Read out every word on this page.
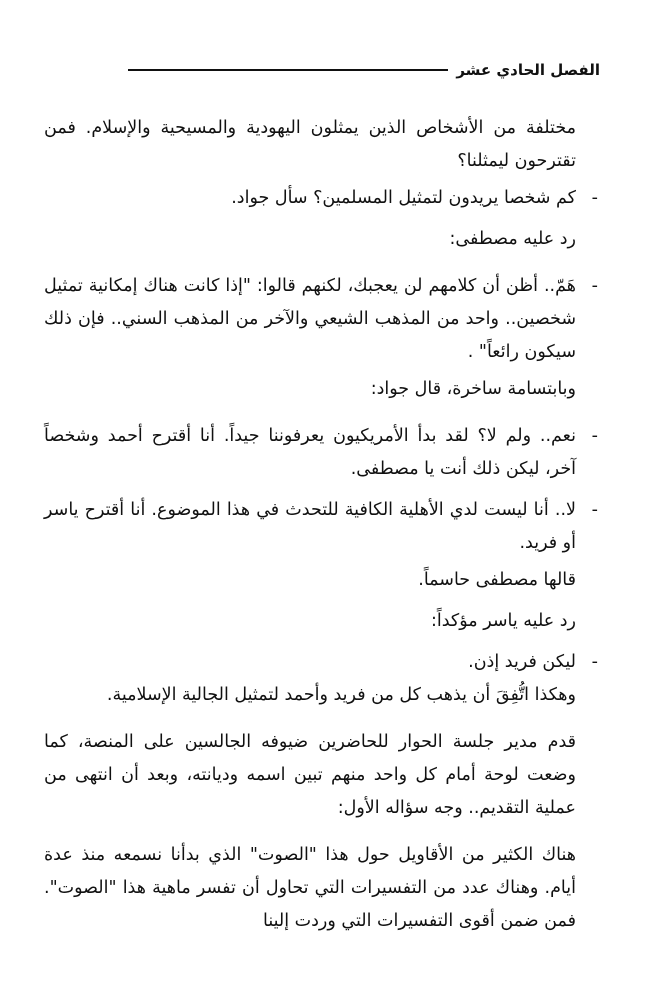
الفصل الحادي عشر

مختلفة من الأشخاص الذين يمثلون اليهودية والمسيحية والإسلام. فمن تقترحون ليمثلنا؟

-
كم شخصا يريدون لتمثيل المسلمين؟ سأل جواد.

رد عليه مصطفى:

-
هَمّ.. أظن أن كلامهم لن يعجبك، لكنهم قالوا: "إذا كانت هناك إمكانية تمثيل شخصين.. واحد من المذهب الشيعي والآخر من المذهب السني.. فإن ذلك سيكون رائعاً" .

وبابتسامة ساخرة، قال جواد:

-
نعم.. ولم لا؟ لقد بدأ الأمريكيون يعرفوننا جيداً. أنا أقترح أحمد وشخصاً آخر، ليكن ذلك أنت يا مصطفى.
-
لا.. أنا ليست لدي الأهلية الكافية للتحدث في هذا الموضوع. أنا أقترح ياسر أو فريد.

قالها مصطفى حاسماً.

رد عليه ياسر مؤكداً:

-
ليكن فريد إذن.

وهكذا اتُّفِقَ أن يذهب كل من فريد وأحمد لتمثيل الجالية الإسلامية.

قدم مدير جلسة الحوار للحاضرين ضيوفه الجالسين على المنصة، كما وضعت لوحة أمام كل واحد منهم تبين اسمه وديانته، وبعد أن انتهى من عملية التقديم.. وجه سؤاله الأول:

هناك الكثير من الأقاويل حول هذا "الصوت" الذي بدأنا نسمعه منذ عدة أيام. وهناك عدد من التفسيرات التي تحاول أن تفسر ماهية هذا "الصوت". فمن ضمن أقوى التفسيرات التي وردت إلينا
